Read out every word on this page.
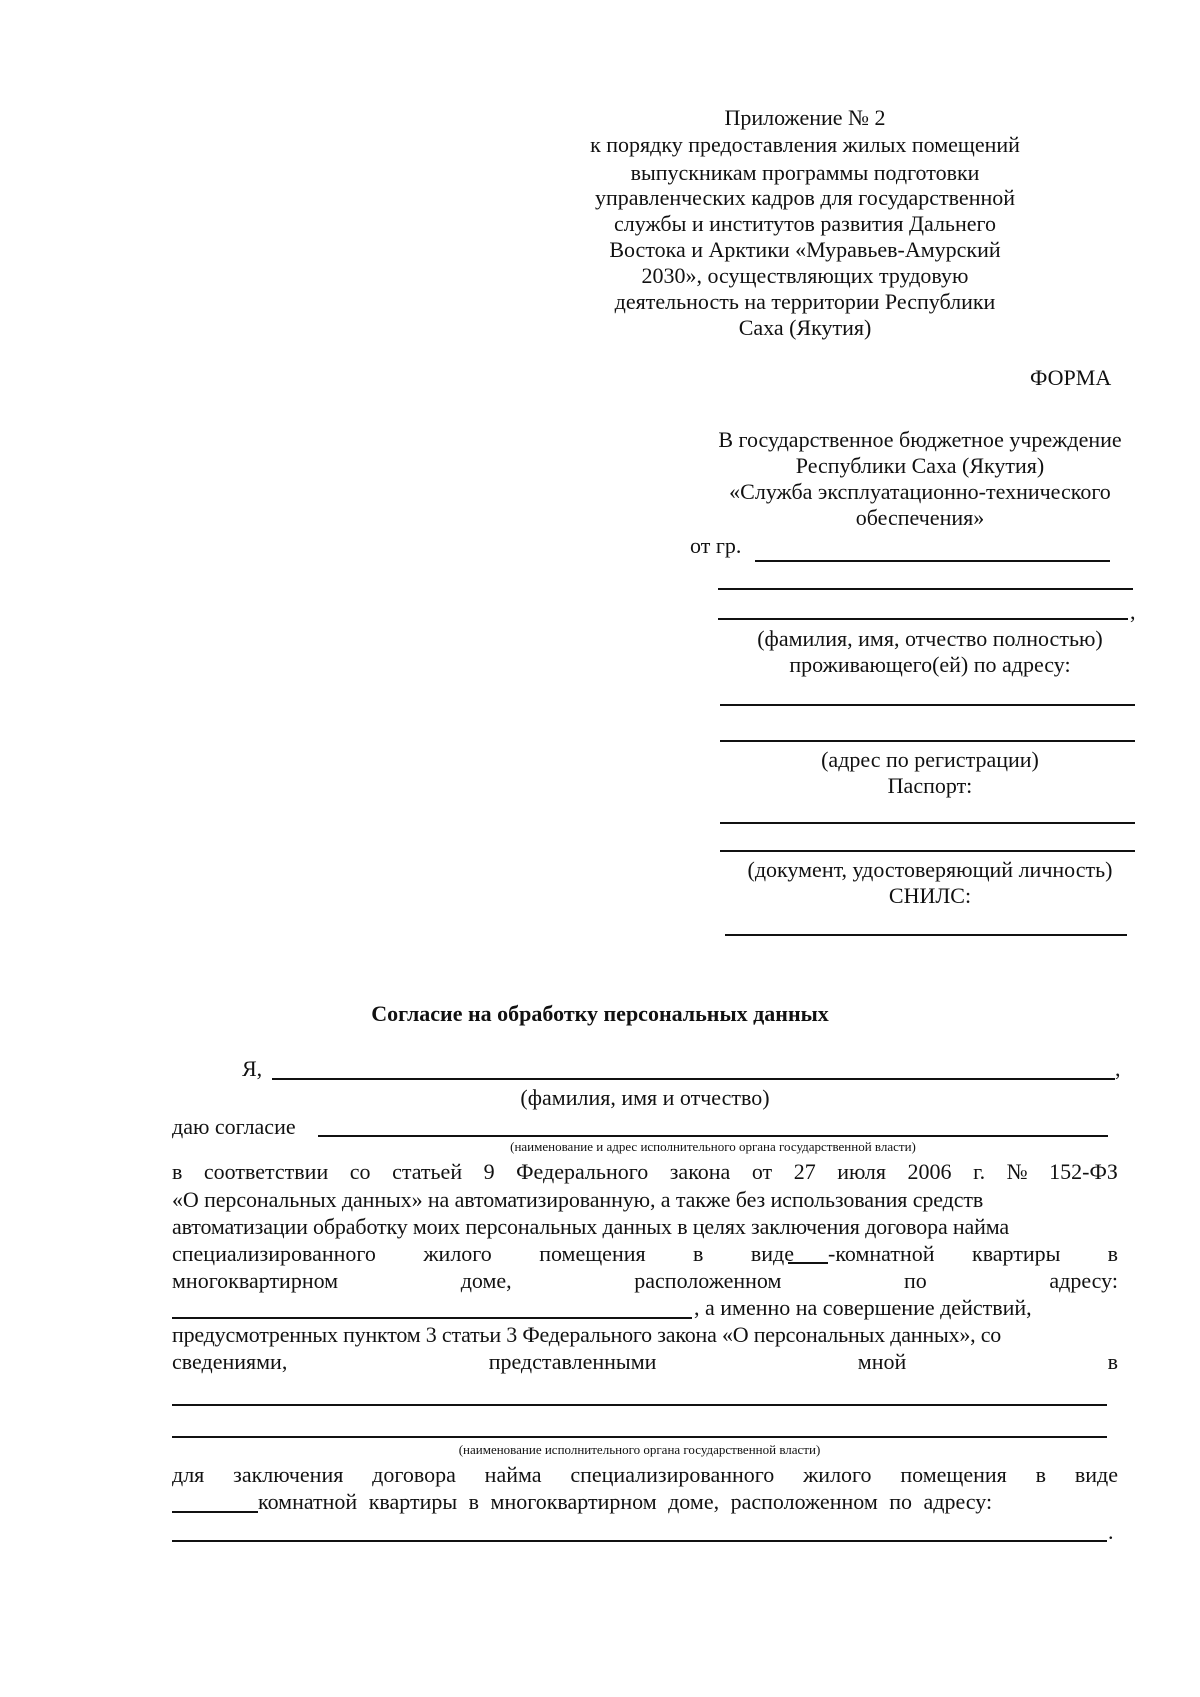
Приложение № 2
к порядку предоставления жилых помещений
выпускникам программы подготовки
управленческих кадров для государственной
службы и институтов развития Дальнего
Востока и Арктики «Муравьев-Амурский
2030», осуществляющих трудовую
деятельность на территории Республики
Саха (Якутия)
ФОРМА
В государственное бюджетное учреждение
Республики Саха (Якутия)
«Служба эксплуатационно-технического
обеспечения»
от гр.
,
(фамилия, имя, отчество полностью)
проживающего(ей) по адресу:
(адрес по регистрации)
Паспорт:
(документ, удостоверяющий личность)
СНИЛС:
Согласие на обработку персональных данных
Я,	,
(фамилия, имя и отчество)
даю согласие
(наименование и адрес исполнительного органа государственной власти)
в соответствии со статьей 9 Федерального закона от 27 июля 2006 г. № 152-ФЗ
«О персональных данных» на автоматизированную, а также без использования средств
автоматизации обработку моих персональных данных в целях заключения договора найма
специализированного жилого помещения в виде -комнатной квартиры в
многоквартирном	доме,	расположенном	по	адресу:
, а именно на совершение действий,
предусмотренных пунктом 3 статьи 3 Федерального закона «О персональных данных», со
сведениями,	представленными	мной	в
(наименование исполнительного органа государственной власти)
для заключения договора найма специализированного жилого помещения в виде
комнатной квартиры в многоквартирном доме, расположенном по адресу:
.
